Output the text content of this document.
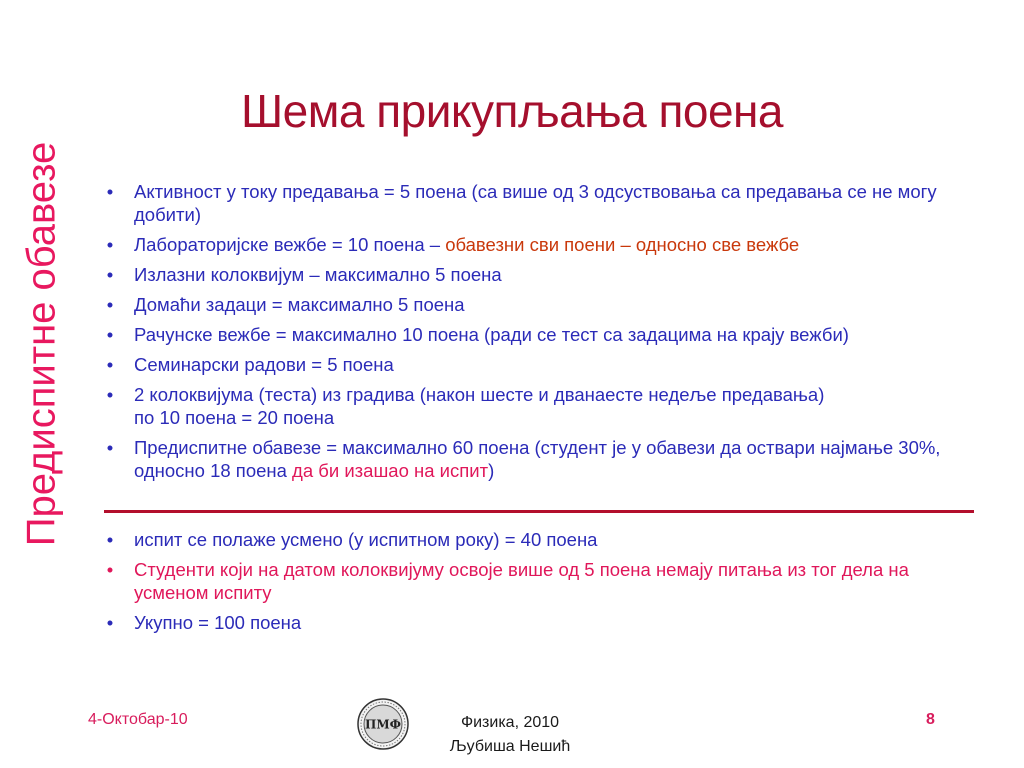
Предиспитне обавезе
Шема прикупљања поена
•	Активност у току предавања = 5 поена (са више од 3 одсуствовања са предавања се не могу добити)
•	Лабораторијске вежбе = 10 поена – обавезни сви поени – односно све вежбе
•	Излазни колоквијум – максимално 5 поена
•	Домаћи задаци = максимално 5 поена
•	Рачунске вежбе = максимално 10 поена (ради се тест са задацима на крају вежби)
•	Семинарски радови = 5 поена
•	2 колоквијума (теста) из градива (након шесте и дванаесте недеље предавања)
по 10 поена = 20 поена
•	Предиспитне обавезе = максимално 60 поена (студент је у обавези да оствари најмање 30%, односно 18 поена да би изашао на испит)
•	испит се полаже усмено (у испитном року) = 40 поена
•	Студенти који на датом колоквијуму освоје више од 5 поена немају питања из тог дела на усменом испиту
•	Укупно = 100 поена
4-Октобар-10	ПМФ	Физика, 2010
Љубиша Нешић
8
